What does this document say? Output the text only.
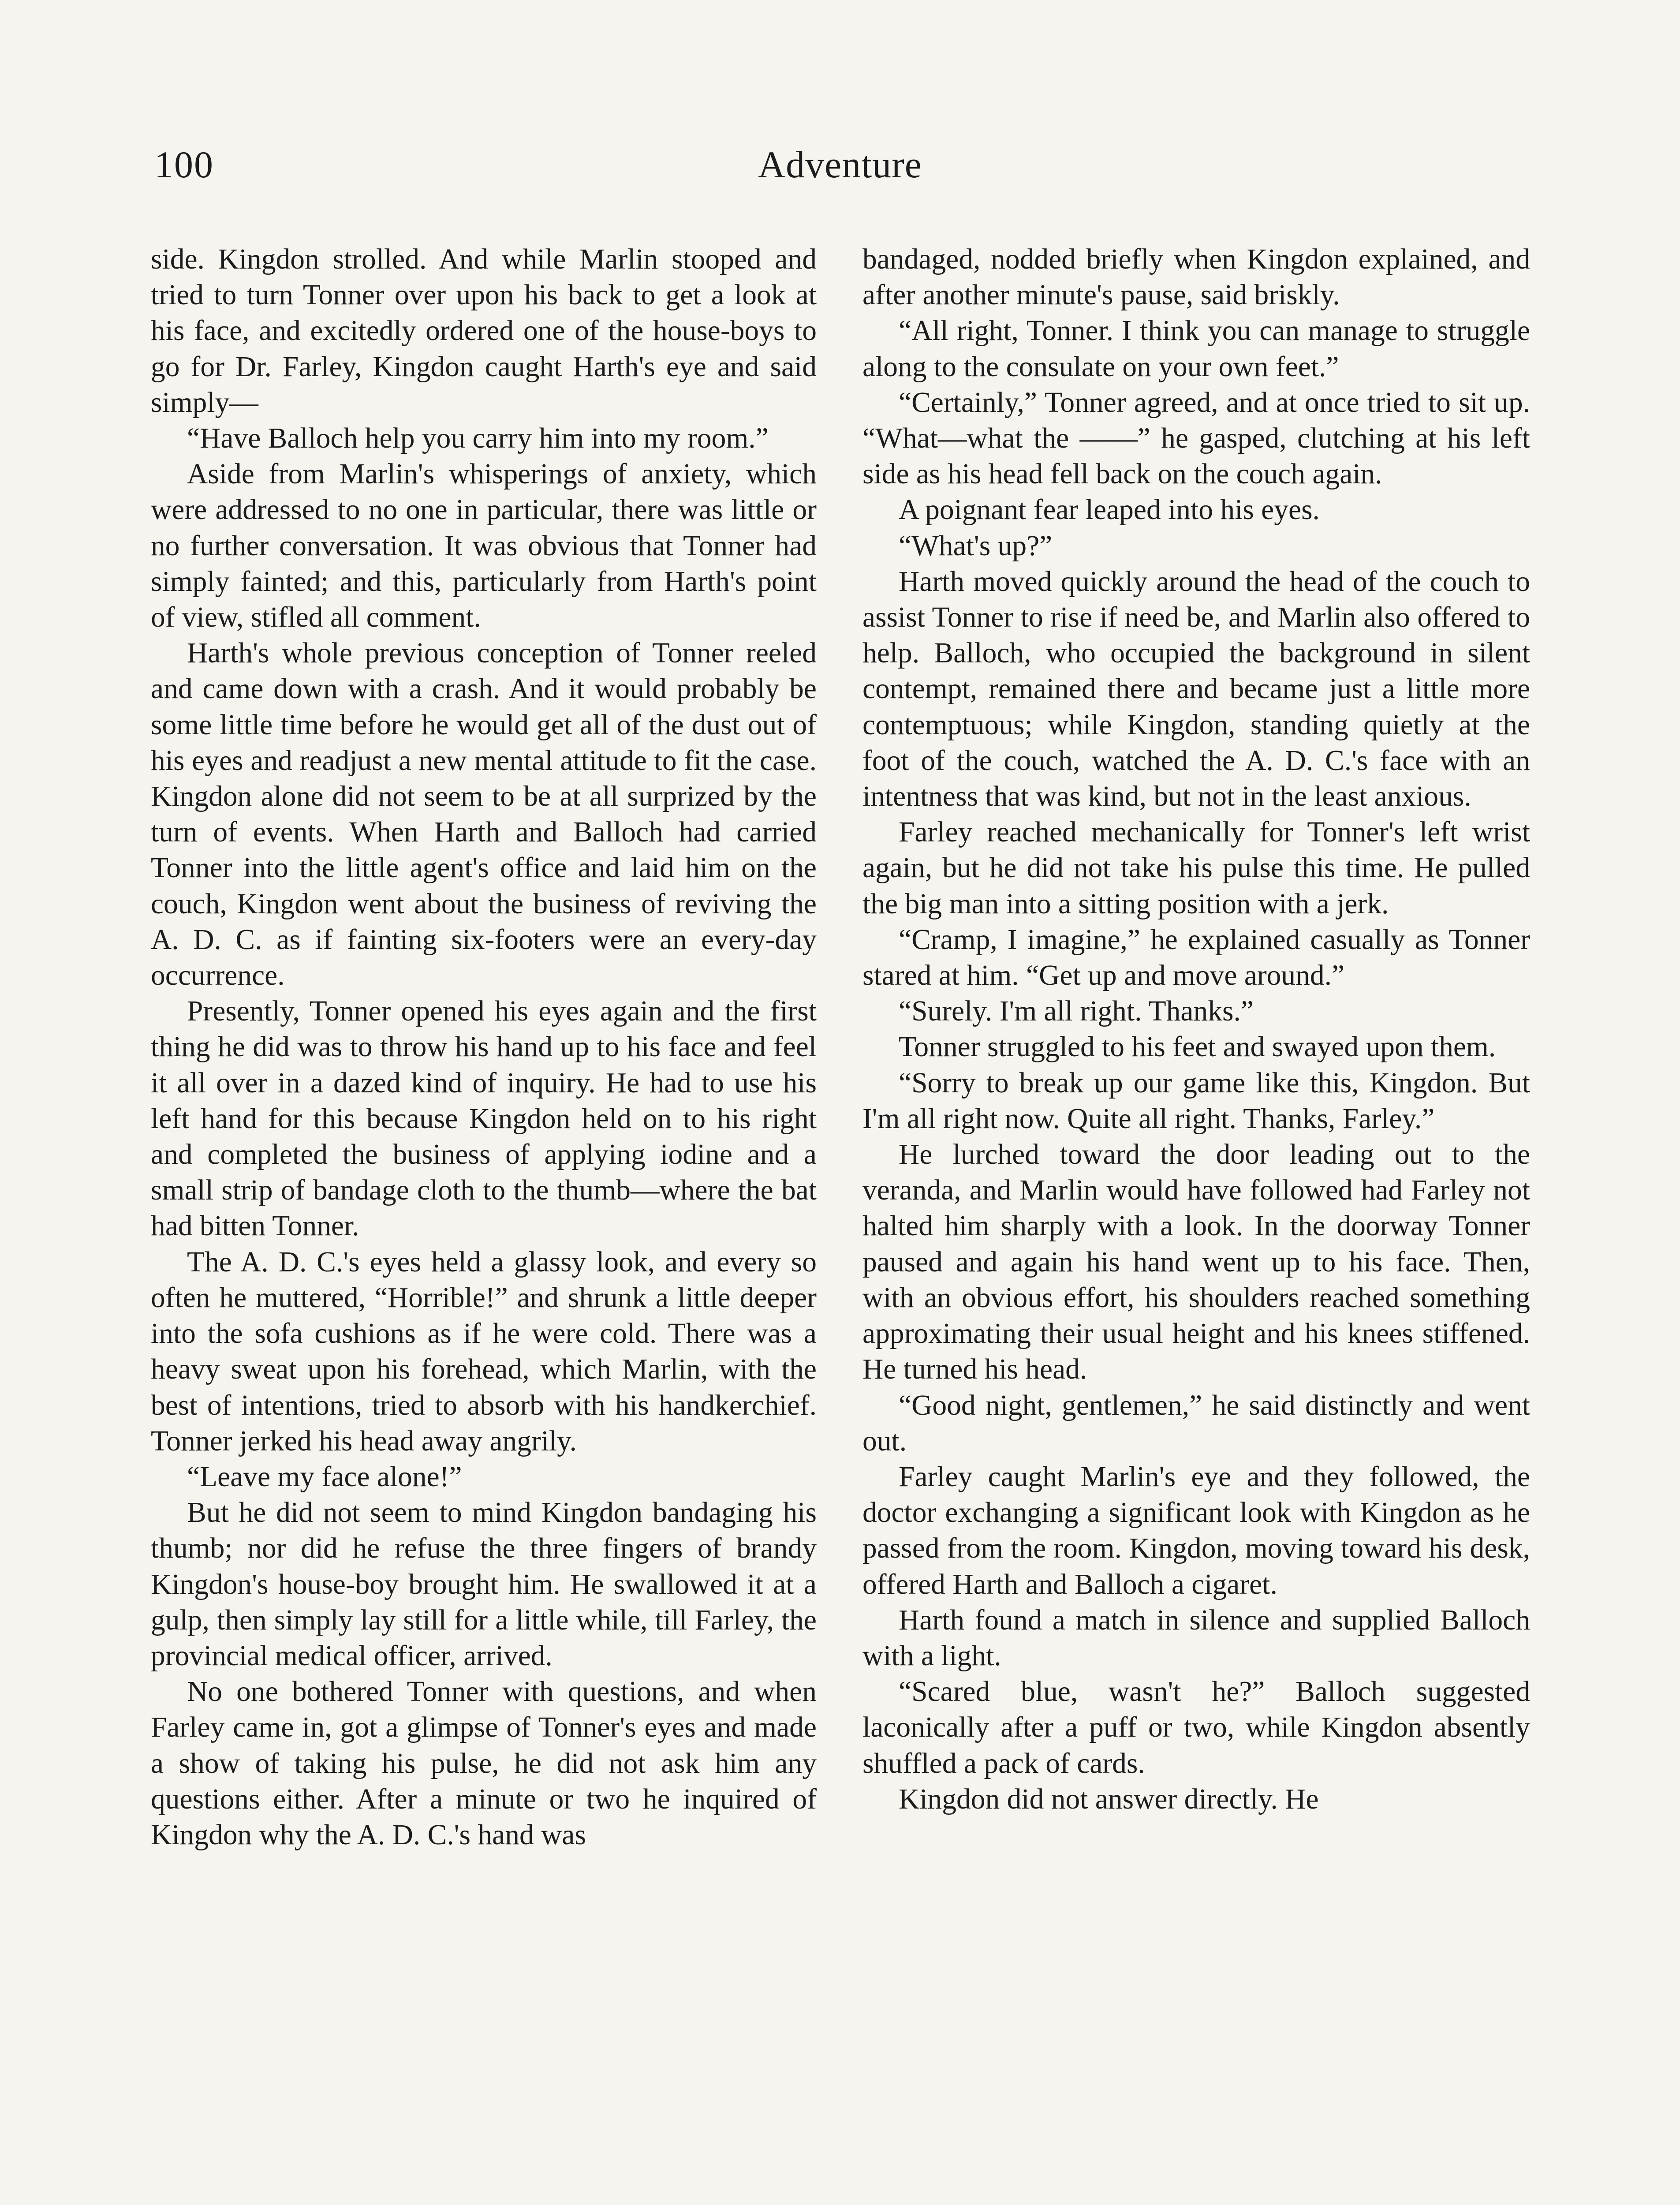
100	Adventure

side. Kingdon strolled. And while Marlin stooped and tried to turn Tonner over upon his back to get a look at his face, and excitedly ordered one of the house-boys to go for Dr. Farley, Kingdon caught Harth's eye and said simply—

“Have Balloch help you carry him into my room.”

Aside from Marlin's whisperings of anxiety, which were addressed to no one in particular, there was little or no further conversation. It was obvious that Tonner had simply fainted; and this, particularly from Harth's point of view, stifled all comment.

Harth's whole previous conception of Tonner reeled and came down with a crash. And it would probably be some little time before he would get all of the dust out of his eyes and readjust a new mental attitude to fit the case. Kingdon alone did not seem to be at all surprized by the turn of events. When Harth and Balloch had carried Tonner into the little agent's office and laid him on the couch, Kingdon went about the business of reviving the A. D. C. as if fainting six-footers were an every-day occurrence.

Presently, Tonner opened his eyes again and the first thing he did was to throw his hand up to his face and feel it all over in a dazed kind of inquiry. He had to use his left hand for this because Kingdon held on to his right and completed the business of applying iodine and a small strip of bandage cloth to the thumb—where the bat had bitten Tonner.

The A. D. C.'s eyes held a glassy look, and every so often he muttered, “Horrible!” and shrunk a little deeper into the sofa cushions as if he were cold. There was a heavy sweat upon his forehead, which Marlin, with the best of intentions, tried to absorb with his handkerchief. Tonner jerked his head away angrily.

“Leave my face alone!”

But he did not seem to mind Kingdon bandaging his thumb; nor did he refuse the three fingers of brandy Kingdon's house-boy brought him. He swallowed it at a gulp, then simply lay still for a little while, till Farley, the provincial medical officer, arrived.

No one bothered Tonner with questions, and when Farley came in, got a glimpse of Tonner's eyes and made a show of taking his pulse, he did not ask him any questions either. After a minute or two he inquired of Kingdon why the A. D. C.'s hand was

bandaged, nodded briefly when Kingdon explained, and after another minute's pause, said briskly.

“All right, Tonner. I think you can manage to struggle along to the consulate on your own feet.”

“Certainly,” Tonner agreed, and at once tried to sit up. “What—what the ——” he gasped, clutching at his left side as his head fell back on the couch again.

A poignant fear leaped into his eyes.

“What's up?”

Harth moved quickly around the head of the couch to assist Tonner to rise if need be, and Marlin also offered to help. Balloch, who occupied the background in silent contempt, remained there and became just a little more contemptuous; while Kingdon, standing quietly at the foot of the couch, watched the A. D. C.'s face with an intentness that was kind, but not in the least anxious.

Farley reached mechanically for Tonner's left wrist again, but he did not take his pulse this time. He pulled the big man into a sitting position with a jerk.

“Cramp, I imagine,” he explained casually as Tonner stared at him. “Get up and move around.”

“Surely. I'm all right. Thanks.”

Tonner struggled to his feet and swayed upon them.

“Sorry to break up our game like this, Kingdon. But I'm all right now. Quite all right. Thanks, Farley.”

He lurched toward the door leading out to the veranda, and Marlin would have followed had Farley not halted him sharply with a look. In the doorway Tonner paused and again his hand went up to his face. Then, with an obvious effort, his shoulders reached something approximating their usual height and his knees stiffened. He turned his head.

“Good night, gentlemen,” he said distinctly and went out.

Farley caught Marlin's eye and they followed, the doctor exchanging a significant look with Kingdon as he passed from the room. Kingdon, moving toward his desk, offered Harth and Balloch a cigaret.

Harth found a match in silence and supplied Balloch with a light.

“Scared blue, wasn't he?” Balloch suggested laconically after a puff or two, while Kingdon absently shuffled a pack of cards.

Kingdon did not answer directly. He
